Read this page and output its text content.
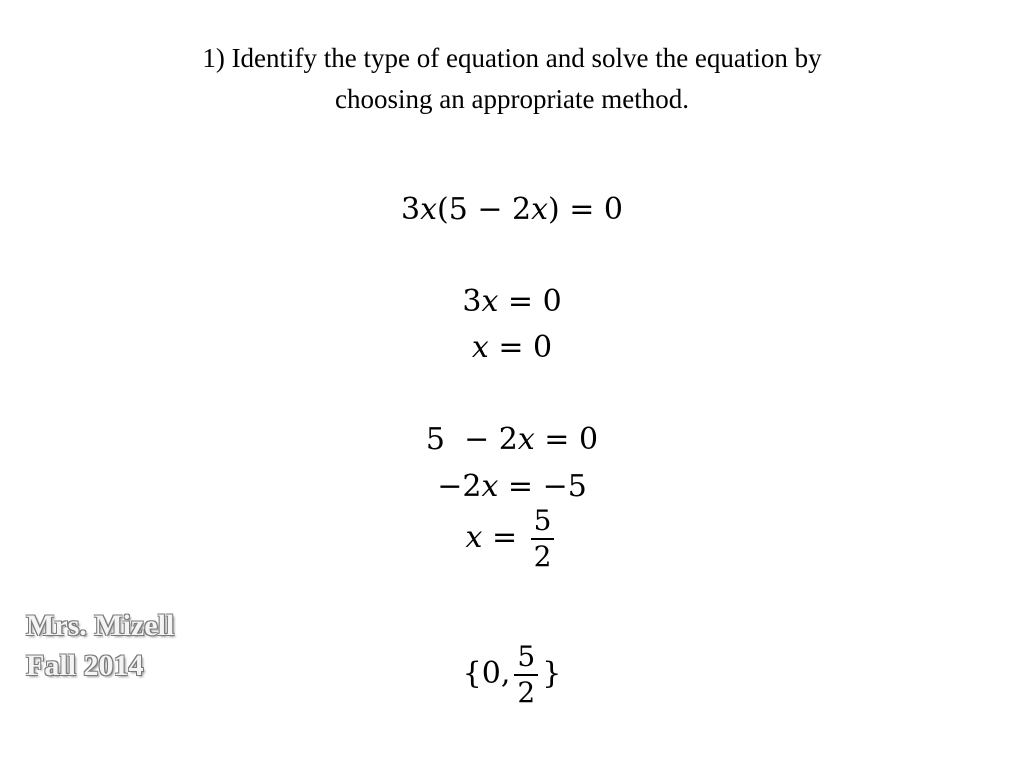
1) Identify the type of equation and solve the equation by
choosing an appropriate method.
3x(5 − 2x) = 0
3x = 0
x = 0
5  − 2x = 0
−2x = −5
$x = \frac{5}{2}$
{0, $\frac{5}{2}$ }
Mrs. Mizell
Fall 2014
